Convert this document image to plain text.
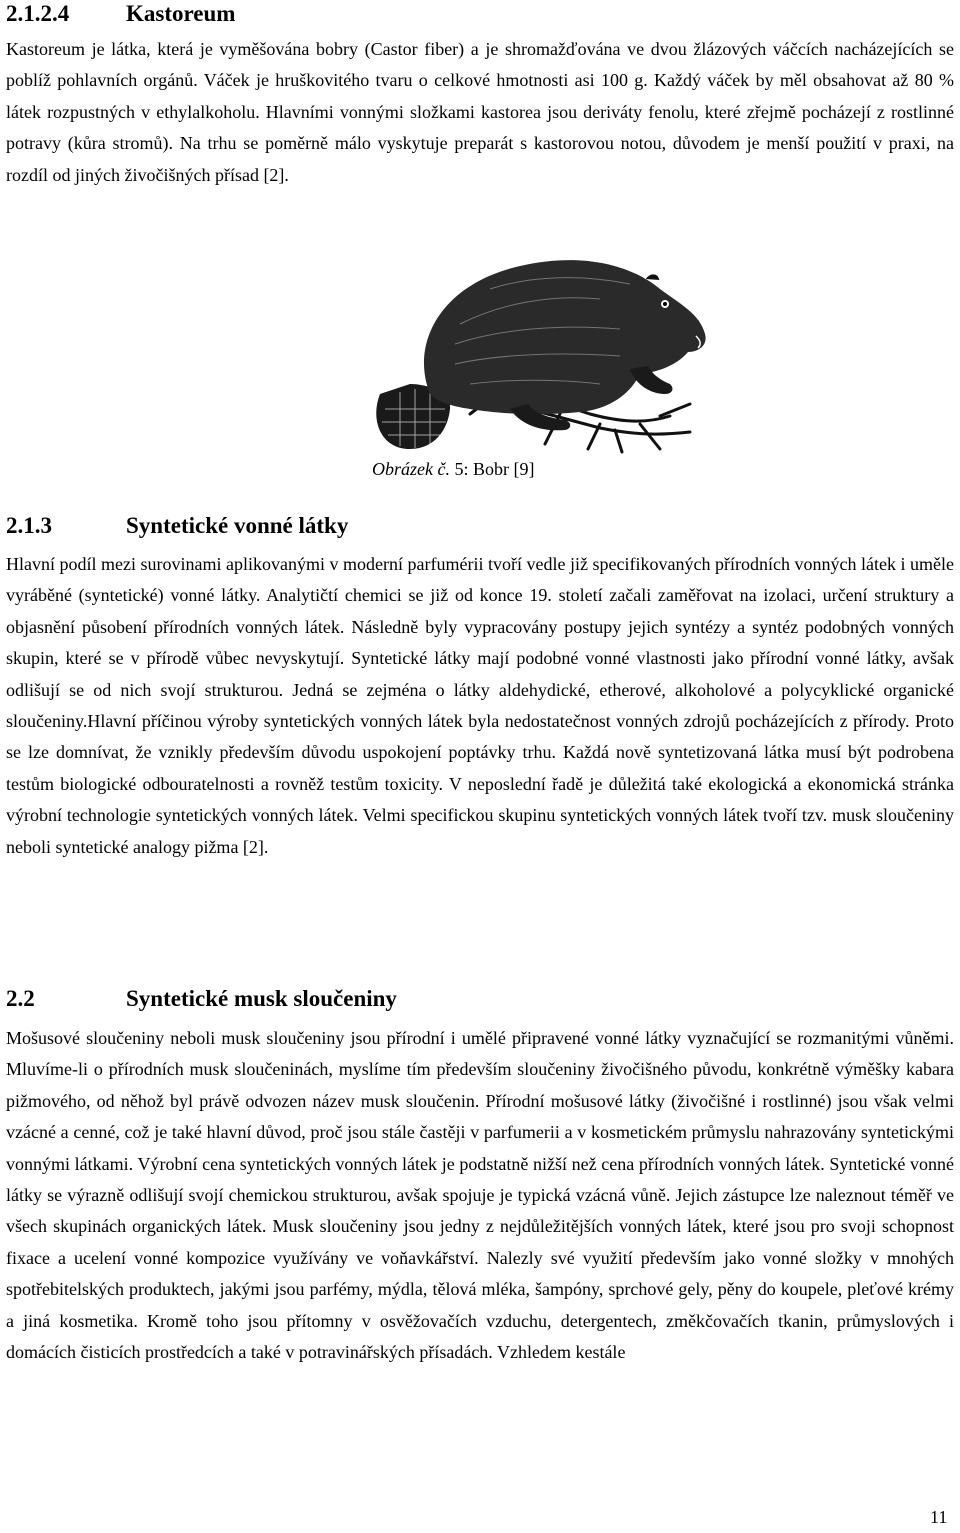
2.1.2.4 Kastoreum

Kastoreum je látka, která je vyměšována bobry (Castor fiber) a je shromažďována ve dvou žlázových váčcích nacházejících se poblíž pohlavních orgánů. Váček je hruškovitého tvaru o celkové hmotnosti asi 100 g. Každý váček by měl obsahovat až 80 % látek rozpustných v ethylalkoholu. Hlavními vonnými složkami kastorea jsou deriváty fenolu, které zřejmě pocházejí z rostlinné potravy (kůra stromů). Na trhu se poměrně málo vyskytuje preparát s kastorovou notou, důvodem je menší použití v praxi, na rozdíl od jiných živočišných přísad [2].

Obrázek č. 5: Bobr [9]
2.1.3	Syntetické vonné látky

Hlavní podíl mezi surovinami aplikovanými v moderní parfumérii tvoří vedle již specifikovaných přírodních vonných látek i uměle vyráběné (syntetické) vonné látky. Analytičtí chemici se již od konce 19. století začali zaměřovat na izolaci, určení struktury a objasnění působení přírodních vonných látek. Následně byly vypracovány postupy jejich syntézy a syntéz podobných vonných skupin, které se v přírodě vůbec nevyskytují. Syntetické látky mají podobné vonné vlastnosti jako přírodní vonné látky, avšak odlišují se od nich svojí strukturou. Jedná se zejména o látky aldehydické, etherové, alkoholové a polycyklické organické sloučeniny.Hlavní příčinou výroby syntetických vonných látek byla nedostatečnost vonných zdrojů pocházejících z přírody. Proto se lze domnívat, že vznikly především důvodu uspokojení poptávky trhu. Každá nově syntetizovaná látka musí být podrobena testům biologické odbouratelnosti a rovněž testům toxicity. V neposlední řadě je důležitá také ekologická a ekonomická stránka výrobní technologie syntetických vonných látek. Velmi specifickou skupinu syntetických vonných látek tvoří tzv. musk sloučeniny neboli syntetické analogy pižma [2].

2.2	Syntetické musk sloučeniny

Mošusové sloučeniny neboli musk sloučeniny jsou přírodní i umělé připravené vonné látky vyznačující se rozmanitými vůněmi. Mluvíme-li o přírodních musk sloučeninách, myslíme tím především sloučeniny živočišného původu, konkrétně výměšky kabara pižmového, od něhož byl právě odvozen název musk sloučenin. Přírodní mošusové látky (živočišné i rostlinné) jsou však velmi vzácné a cenné, což je také hlavní důvod, proč jsou stále častěji v parfumerii a v kosmetickém průmyslu nahrazovány syntetickými vonnými látkami. Výrobní cena syntetických vonných látek je podstatně nižší než cena přírodních vonných látek. Syntetické vonné látky se výrazně odlišují svojí chemickou strukturou, avšak spojuje je typická vzácná vůně. Jejich zástupce lze naleznout téměř ve všech skupinách organických látek. Musk sloučeniny jsou jedny z nejdůležitějších vonných látek, které jsou pro svoji schopnost fixace a ucelení vonné kompozice využívány ve voňavkářství. Nalezly své využití především jako vonné složky v mnohých spotřebitelských produktech, jakými jsou parfémy, mýdla, tělová mléka, šampóny, sprchové gely, pěny do koupele, pleťové krémy a jiná kosmetika. Kromě toho jsou přítomny v osvěžovačích vzduchu, detergentech, změkčovačích tkanin, průmyslových i domácích čisticích prostředcích a také v potravinářských přísadách. Vzhledem kestále

11
